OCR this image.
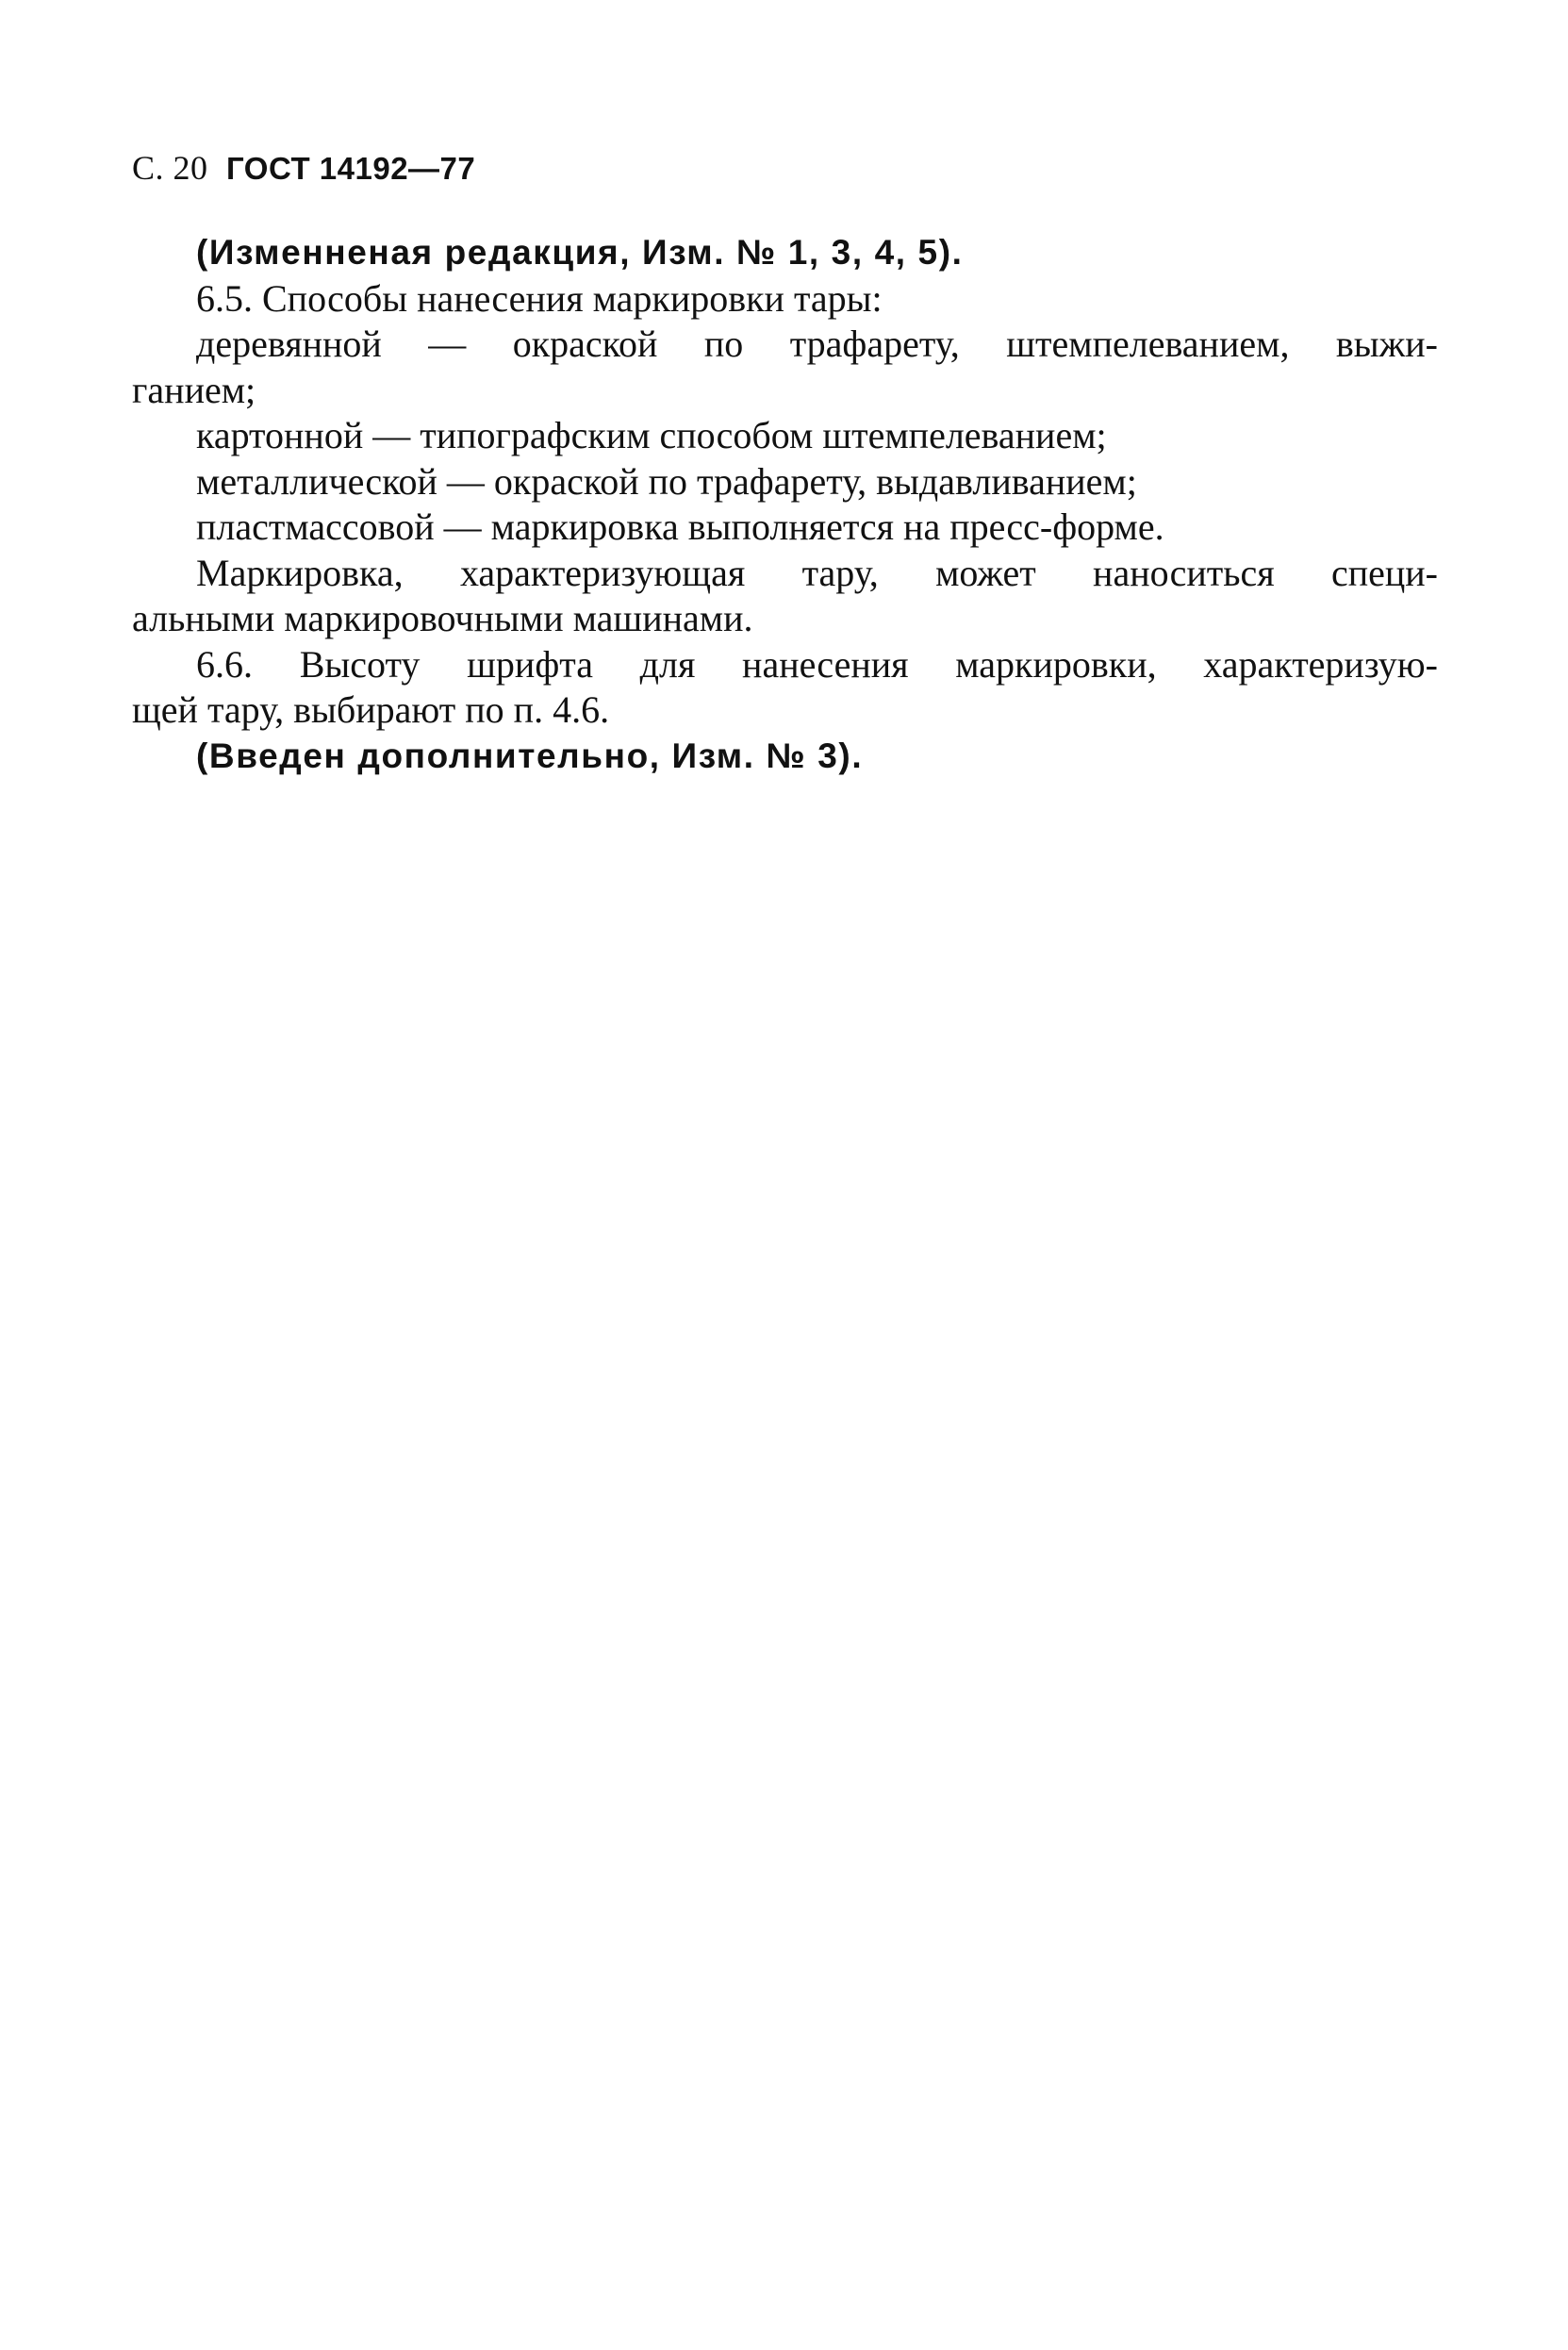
С. 20 ГОСТ 14192—77
(Изменненая редакция, Изм. № 1, 3, 4, 5).
6.5. Способы нанесения маркировки тары:
деревянной — окраской по трафарету, штемпелеванием, выжи-
ганием;
картонной — типографским способом штемпелеванием;
металлической — окраской по трафарету, выдавливанием;
пластмассовой — маркировка выполняется на пресс-форме.
Маркировка, характеризующая тару, может наноситься специ-
альными маркировочными машинами.
6.6. Высоту шрифта для нанесения маркировки, характеризую-
щей тару, выбирают по п. 4.6.
(Введен дополнительно, Изм. № 3).
